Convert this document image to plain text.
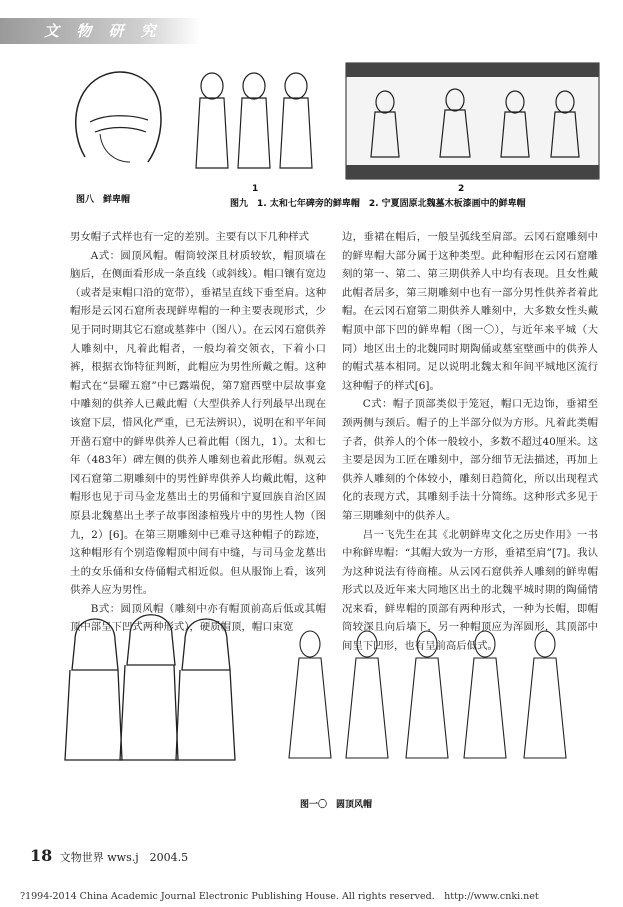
文 物 研 究
图八　鲜卑帽
1	2
图九　1. 太和七年碑旁的鲜卑帽　2. 宁夏固原北魏墓木板漆画中的鲜卑帽

男女帽子式样也有一定的差别。主要有以下几种样式

A式：圆顶风帽。帽筒较深且材质较软，帽顶墙在脑后，在侧面看形成一条直线（或斜线）。帽口镶有宽边（或者是束帽口沿的宽带），垂裙呈直线下垂至肩。这种帽形是云冈石窟所表现鲜卑帽的一种主要表现形式，少见于同时期其它石窟或墓葬中（图八）。在云冈石窟供养人雕刻中，凡着此帽者，一般均着交领衣，下着小口裤，根据衣饰特征判断，此帽应为男性所戴之帽。这种帽式在“昙曜五窟”中已露端倪，第7窟西壁中层故事龛中雕刻的供养人已戴此帽（大型供养人行列最早出现在该窟下层，惜风化严重，已无法辨识），说明在和平年间开凿石窟中的鲜卑供养人已着此帽（图九，1）。太和七年（483年）碑左侧的供养人雕刻也着此形帽。纵观云冈石窟第二期雕刻中的男性鲜卑供养人均戴此帽，这种帽形也见于司马金龙墓出土的男俑和宁夏回族自治区固原县北魏墓出土孝子故事图漆棺残片中的男性人物（图九，2）[6]。在第三期雕刻中已难寻这种帽子的踪迹，这种帽形有个别造像帽顶中间有中缝，与司马金龙墓出土的女乐俑和女侍俑帽式相近似。但从服饰上看，该列供养人应为男性。

B式：圆顶风帽（雕刻中亦有帽顶前高后低或其帽顶中部呈下凹式两种形式），硬质帽顶，帽口束宽

边，垂裙在帽后，一般呈弧线至肩部。云冈石窟雕刻中的鲜卑帽大部分属于这种类型。此种帽形在云冈石窟雕刻的第一、第二、第三期供养人中均有表现。且女性戴此帽者居多，第三期雕刻中也有一部分男性供养者着此帽。在云冈石窟第二期供养人雕刻中，大多数女性头戴帽顶中部下凹的鲜卑帽（图一〇），与近年来平城（大同）地区出土的北魏同时期陶俑或墓室壁画中的供养人的帽式基本相同。足以说明北魏太和年间平城地区流行这种帽子的样式[6]。

C式：帽子顶部类似于笼冠，帽口无边饰，垂裙至颈两侧与颈后。帽子的上半部分似为方形。凡着此类帽子者，供养人的个体一般较小，多数不超过40厘米。这主要是因为工匠在雕刻中，部分细节无法描述，再加上供养人雕刻的个体较小，雕刻日趋简化，所以出现程式化的表现方式，其雕刻手法十分简练。这种形式多见于第三期雕刻中的供养人。

吕一飞先生在其《北朝鲜卑文化之历史作用》一书中称鲜卑帽：“其帽大致为一方形，垂裙至肩”[7]。我认为这种说法有待商榷。从云冈石窟供养人雕刻的鲜卑帽形式以及近年来大同地区出土的北魏平城时期的陶俑情况来看，鲜卑帽的顶部有两种形式，一种为长帽，即帽筒较深且向后墙下，另一种帽顶应为浑圆形，其顶部中间呈下凹形，也有呈前高后低式。

图一〇　圆顶风帽
18 文物世界 wws.j　2004.5
?1994-2014 China Academic Journal Electronic Publishing House. All rights reserved.　http://www.cnki.net
